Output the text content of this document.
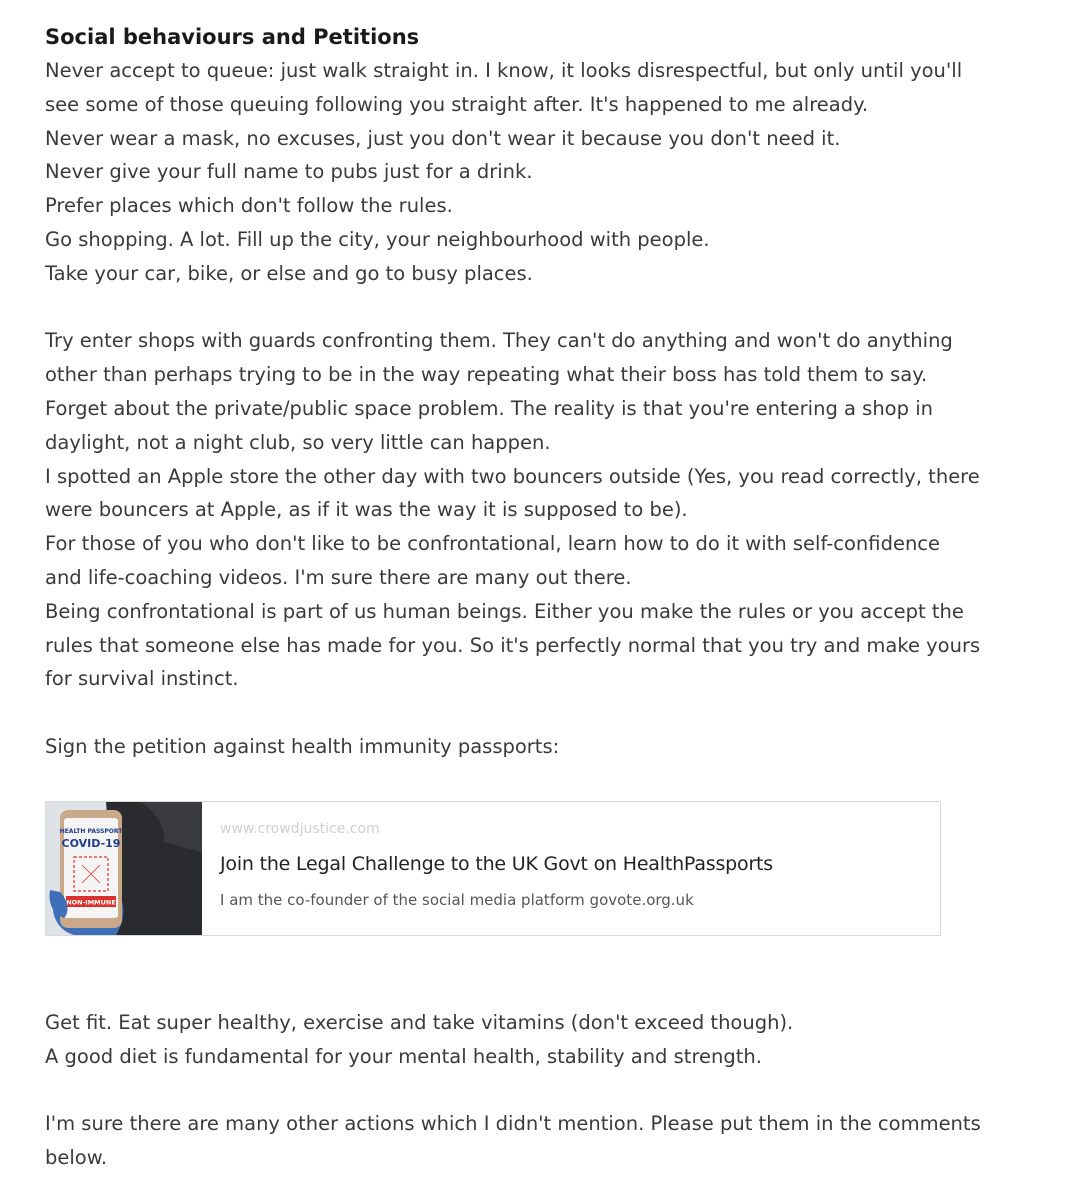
Social behaviours and Petitions
Never accept to queue: just walk straight in. I know, it looks disrespectful, but only until you'll
see some of those queuing following you straight after. It's happened to me already.
Never wear a mask, no excuses, just you don't wear it because you don't need it.
Never give your full name to pubs just for a drink.
Prefer places which don't follow the rules.
Go shopping. A lot. Fill up the city, your neighbourhood with people.
Take your car, bike, or else and go to busy places.
Try enter shops with guards confronting them. They can't do anything and won't do anything
other than perhaps trying to be in the way repeating what their boss has told them to say.
Forget about the private/public space problem. The reality is that you're entering a shop in
daylight, not a night club, so very little can happen.
I spotted an Apple store the other day with two bouncers outside (Yes, you read correctly, there
were bouncers at Apple, as if it was the way it is supposed to be).
For those of you who don't like to be confrontational, learn how to do it with self-confidence
and life-coaching videos. I'm sure there are many out there.
Being confrontational is part of us human beings. Either you make the rules or you accept the
rules that someone else has made for you. So it's perfectly normal that you try and make yours
for survival instinct.
Sign the petition against health immunity passports:
HEALTH PASSPORT
COVID-19
NON-IMMUNE
www.crowdjustice.com
Join the Legal Challenge to the UK Govt on HealthPassports
I am the co-founder of the social media platform govote.org.uk
Get fit. Eat super healthy, exercise and take vitamins (don't exceed though).
A good diet is fundamental for your mental health, stability and strength.
I'm sure there are many other actions which I didn't mention. Please put them in the comments
below.
